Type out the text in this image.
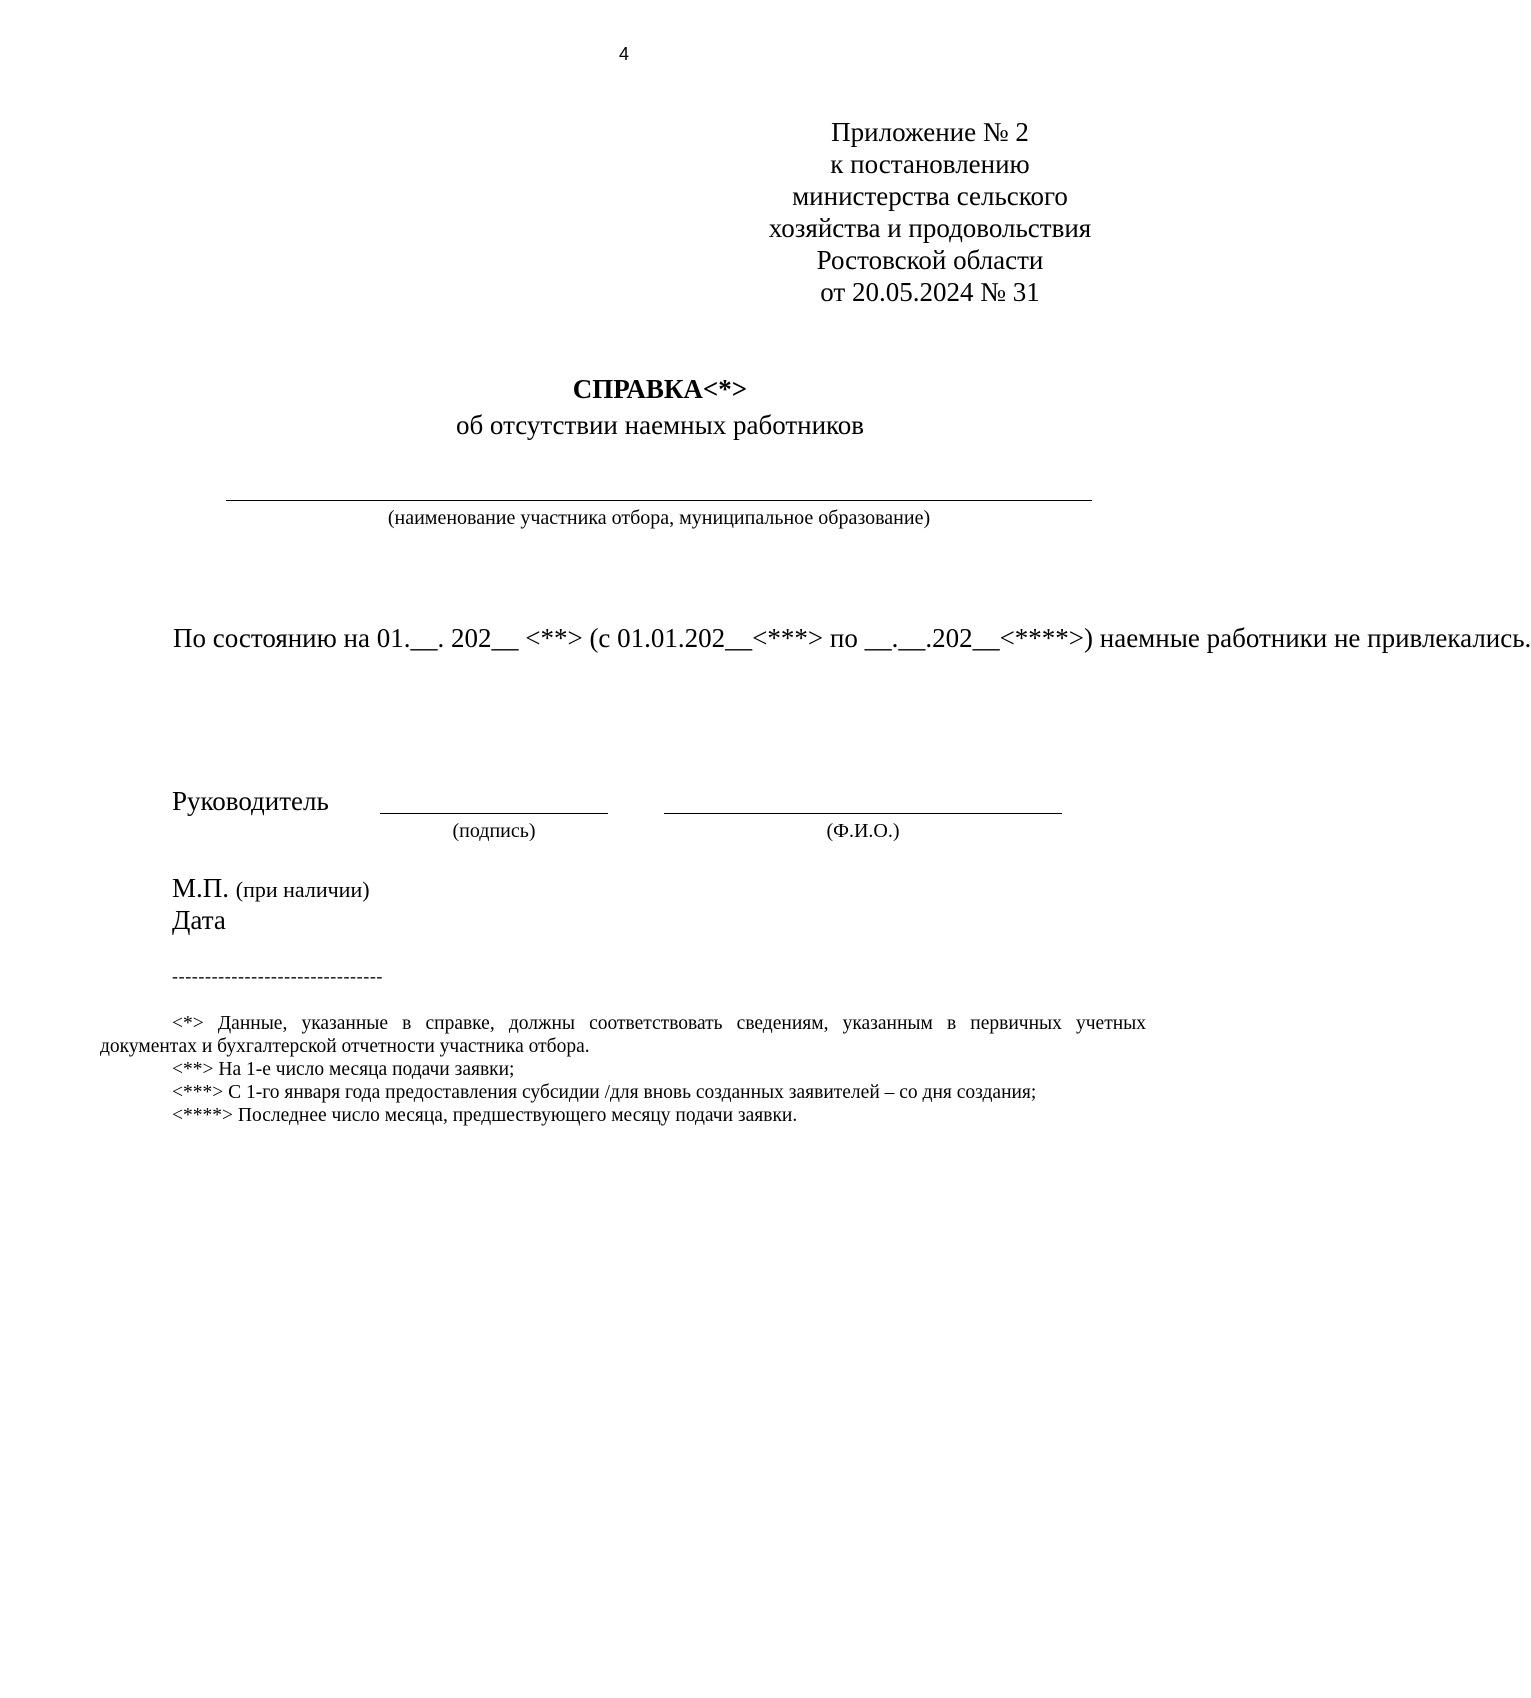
4
Приложение № 2
к постановлению
министерства сельского
хозяйства и продовольствия
Ростовской области
от 20.05.2024 № 31
СПРАВКА<*>
об отсутствии наемных работников
(наименование участника отбора, муниципальное образование)
По состоянию на 01.__. 202__ <**> (с 01.01.202__<***> по __.__.202__<****>) наемные работники не привлекались.
Руководитель
(подпись)	(Ф.И.О.)
М.П. (при наличии)
Дата
--------------------------------

<*> Данные, указанные в справке, должны соответствовать сведениям, указанным в первичных учетных документах и бухгалтерской отчетности участника отбора.

<**> На 1-е число месяца подачи заявки;

<***> С 1-го января года предоставления субсидии /для вновь созданных заявителей – со дня создания;

<****> Последнее число месяца, предшествующего месяцу подачи заявки.
